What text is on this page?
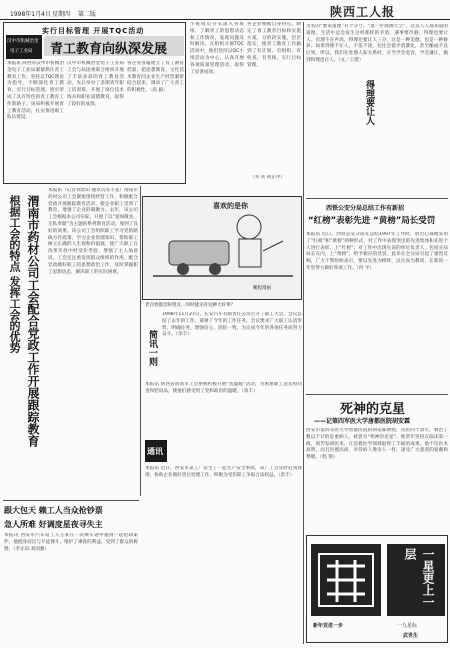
1998年1月4日 星期四 第二版	陕西工人报
实行目标管理 开展TQC活动
汉中市机械冶金
电子工业局 青工教育向纵深发展
本报讯 陕西省汉中市机械冶金电子工业局紧紧抓住青工教育工作，坚持以TQC理论为指导，不断深化青工教育，实行目标管理，逐步形成了具有特色的青工教育工作新路子。该局积极开展青工教育活动，扎实推进职工队伍建设。
汉中市机械冶金电子工业局工会与局团委联合组织开展了丰富多彩的青工教育活动，先后举办了多期青年职工培训班，开展了岗位技术练兵和职业道德教育，取得了较好的成效。
各企业普遍建立了青工教育档案，把思想教育、文化技术教育同企业生产经营紧密结合起来，调动了广大青工的积极性。（高 毅）
渭南市药材公司工会配合党政工作开展跟踪教育
根据工会的特点 发挥工会的优势
本报讯（记者刘景田 通讯员苏丰基）渭南市药材公司工会紧密围绕经营工作，积极配合党政开展跟踪教育活动，使企业职工受到了教育，增强了企业的凝聚力。去年，该公司工会根据本公司实际，开展了以“爱岗敬业、无私奉献”为主题的系列教育活动，收到了良好的效果。该公司工会组织职工学习党的路线方针政策，学习企业管理知识，帮助职工树立正确的人生观和价值观，使广大职工在改革开放中经受住考验，增强了主人翁意识。工会还注重发挥群众组织的作用，配合党政做好职工的思想政治工作，及时掌握职工思想动态，解决职工的实际困难。
跟大包天 赖工人当众抢钞票
急人所难 好调度星夜寻失主
本报讯 西安市汽车站工人王某在一次乘车途中遇到一起抢劫案件，他挺身而出与歹徒搏斗，维护了乘客的利益，受到了群众的称赞。（李正田 刘国强）
小班成员分头深入各班组，了解青工的思想动态和工作情况，发现问题及时解决。在组织开展TQC活动中，他们坚持以QC小组活动为中心，认真开展各项质量管理活动，取得了显著成效。
各企业根据自身特点，制定了青工教育目标和实施方案，分阶段实施，层层落实，使青工教育工作做到了有计划、有组织、有检查、有考核，实行目标管理。
（邓 亮 胡正中）
喜欢的是你
鹏程漫画
老百姓都会盼望兑…何时能见有这种大好事？
简讯一则
1998年11月27日，长安汽车有限责任公司召开了职工大会，会议总结了去年的工作，部署了今年的工作任务。会议要求广大职工认清形势，明确任务，增强信心，团结一致，为完成今年的各项任务而努力奋斗。（余丰）
本报讯 陕西省渭南市工会系统积极开展“送温暖”活动，为困难职工送去慰问金和慰问品，使他们感受到了党和政府的温暖。（余丰）
通讯
本报讯 近日，西安市某工厂发生了一起生产安全事故，该厂工会及时赶到现场，协助企业做好善后处理工作，积极为受伤职工争取合法权益。（余丰）
为名的“要说道理”有个分寸。“退一步海阔天空”，这是人人都知道的道理。生活中总会发生这样那样的矛盾，遇事要冷静，得理也要让人。有理不在声高，得理还要让人三分，这是一种美德，也是一种修养。如果得理不让人，不依不饶，往往会使矛盾激化，甚至酿成不良后果。所以，我们在处理人际关系时，应当学会宽容，学会谦让，做到得理也让人。（文／王建）
得理要让人
西铁公安分局总结工作有新招
“红榜”表彰先进 “黄榜”局长受罚
本报讯 近日，西铁公安分局在总结1997年工作时，别出心裁地采用了“红榜”和“黄榜”两种形式，对工作中表现突出的先进集体和先进个人进行表彰，上“红榜”；对工作中出现失误的单位负责人，包括分局局长在内，上“黄榜”，给予相应的处罚。此举在全分局引起了强烈反响，广大干警纷纷表示，要以先进为榜样，以失误为教训，在新的一年里努力做好各项工作。（何 平）
死神的克星
——记第四军医大学唐都医院胡安霖
西安市第四军医大学唐都医院的胡安霖教授，从医四十余年，救治了数以千计的危重病人，被誉为“死神的克星”。他常年坚持在临床第一线，刻苦钻研医术，在急救医学领域取得了丰硕的成果。他不仅医术高明，而且医德高尚，对待病人像亲人一样，深受广大患者的爱戴和尊敬。（程 翔）
一星更上一层
新年竞进一步	一九星标
武世生
